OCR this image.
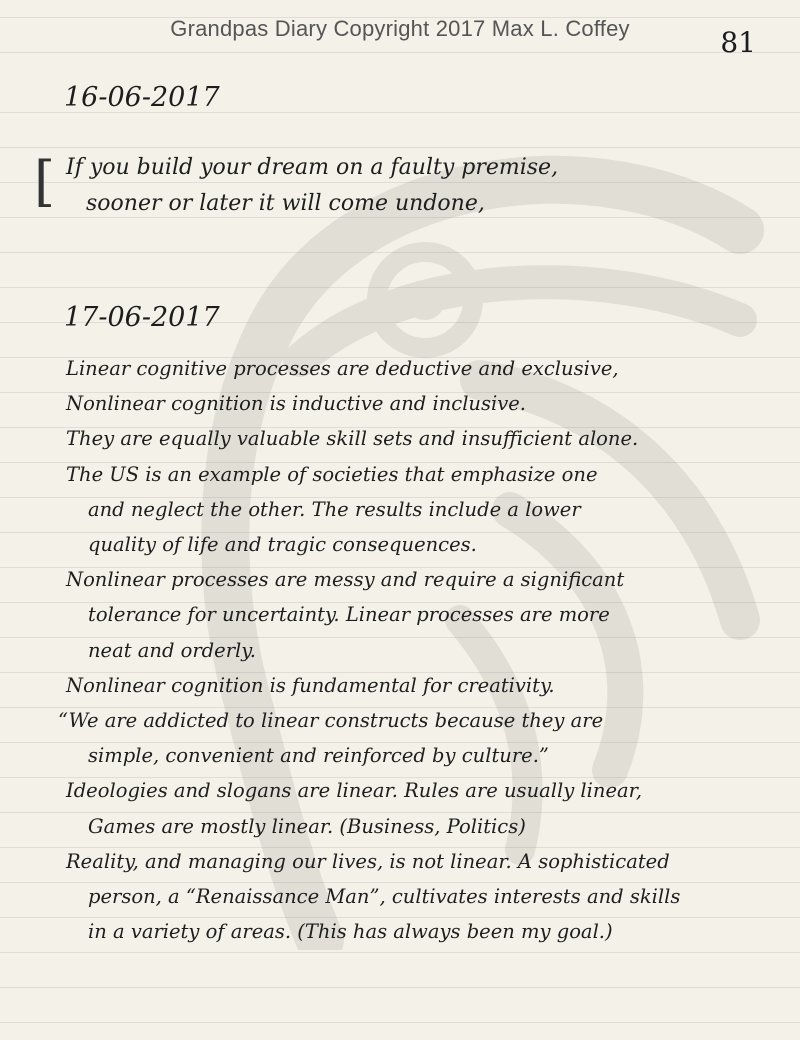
Grandpas Diary Copyright 2017 Max L. Coffey	81
16-06-2017
[ If you build your dream on a faulty premise,
sooner or later it will come undone,
17-06-2017
Linear cognitive processes are deductive and exclusive,
Nonlinear cognition is inductive and inclusive.
They are equally valuable skill sets and insufficient alone.
The US is an example of societies that emphasize one
and neglect the other. The results include a lower
quality of life and tragic consequences.
Nonlinear processes are messy and require a significant
tolerance for uncertainty. Linear processes are more
neat and orderly.
Nonlinear cognition is fundamental for creativity.
“We are addicted to linear constructs because they are
simple, convenient and reinforced by culture.”
Ideologies and slogans are linear. Rules are usually linear,
Games are mostly linear. (Business, Politics)
Reality, and managing our lives, is not linear. A sophisticated
person, a “Renaissance Man”, cultivates interests and skills
in a variety of areas. (This has always been my goal.)
